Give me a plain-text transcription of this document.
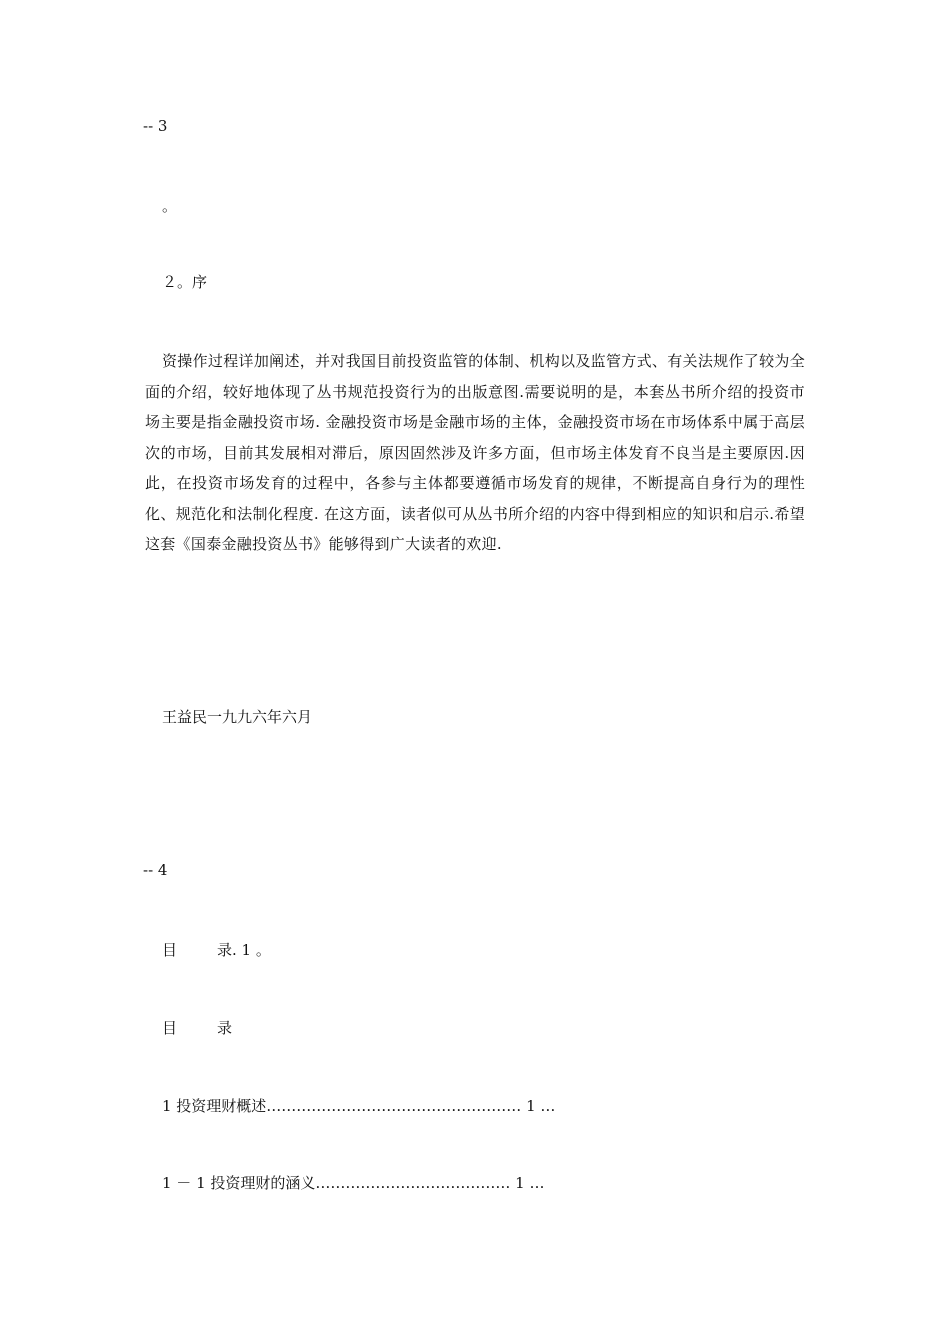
-- 3
。
２。序
资操作过程详加阐述，并对我国目前投资监管的体制、机构以及监管方式、有关法规作了较为全面的介绍，较好地体现了丛书规范投资行为的出版意图.需要说明的是，本套丛书所介绍的投资市场主要是指金融投资市场. 金融投资市场是金融市场的主体，金融投资市场在市场体系中属于高层次的市场，目前其发展相对滞后，原因固然涉及许多方面，但市场主体发育不良当是主要原因.因此，在投资市场发育的过程中，各参与主体都要遵循市场发育的规律，不断提高自身行为的理性化、规范化和法制化程度. 在这方面，读者似可从丛书所介绍的内容中得到相应的知识和启示.希望这套《国泰金融投资丛书》能够得到广大读者的欢迎.
王益民一九九六年六月
-- 4
目	录. 1 。
目	录
1 投资理财概述…………………………………………… 1 …
1 － 1 投资理财的涵义………………………………… 1 …
